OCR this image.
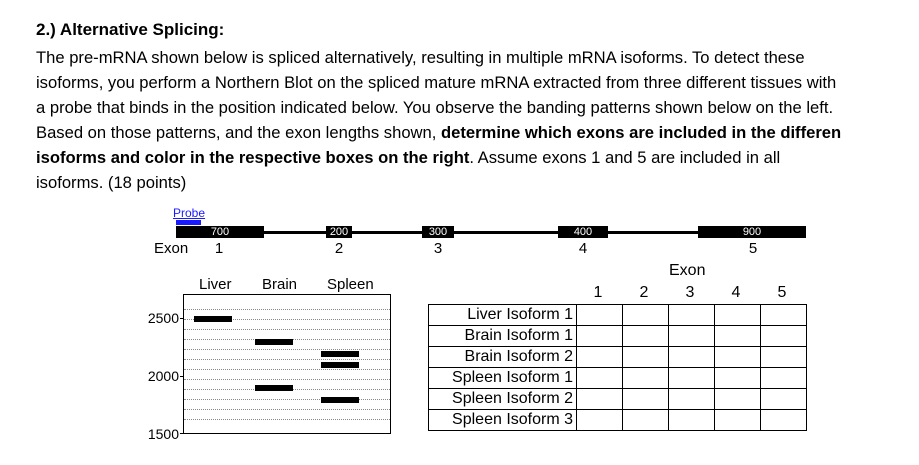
2.) Alternative Splicing:
The pre-mRNA shown below is spliced alternatively, resulting in multiple mRNA isoforms. To detect these
isoforms, you perform a Northern Blot on the spliced mature mRNA extracted from three different tissues with
a probe that binds in the position indicated below. You observe the banding patterns shown below on the left.
Based on those patterns, and the exon lengths shown, determine which exons are included in the differen
isoforms and color in the respective boxes on the right. Assume exons 1 and 5 are included in all
isoforms. (18 points)
Probe
700	200	300	400	900
Exon	1	2	3	4	5
Liver Brain Spleen
2500
2000
1500
Exon
1	2	3	4	5
Liver Isoform 1					
Brain Isoform 1					
Brain Isoform 2					
Spleen Isoform 1					
Spleen Isoform 2					
Spleen Isoform 3					
